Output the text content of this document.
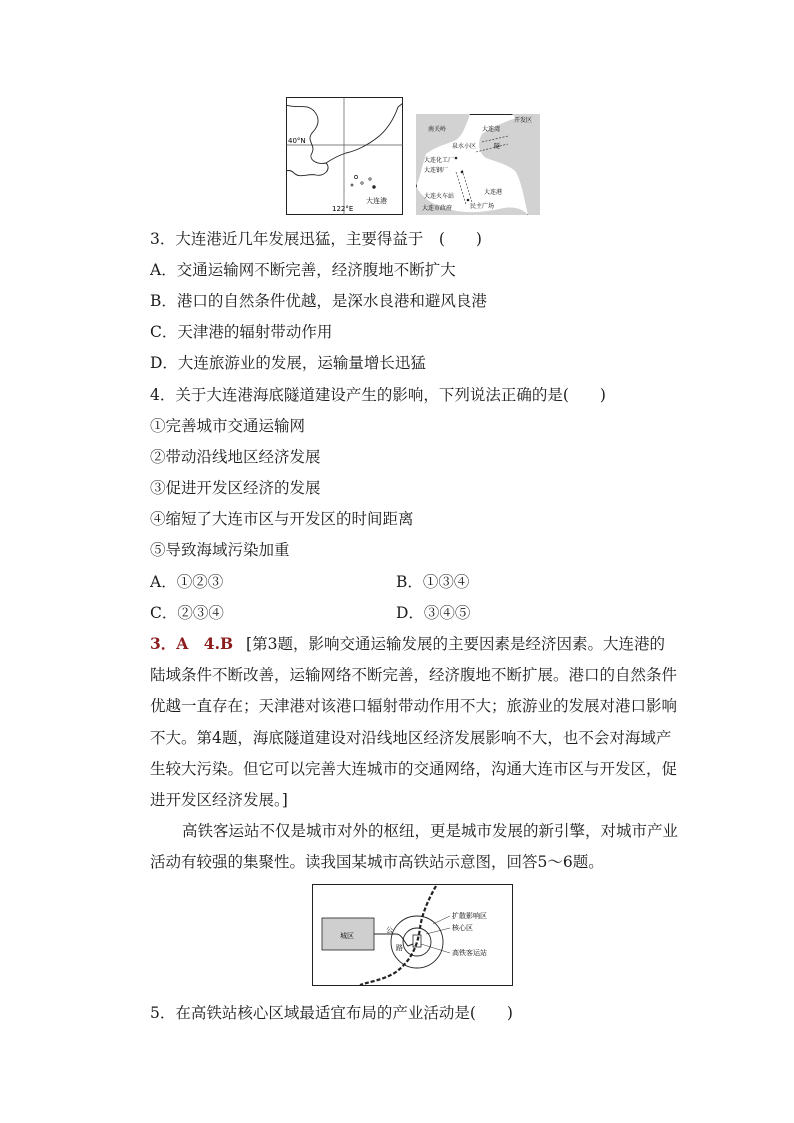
40°N
122°E
大连港
开发区
南关岭	大连湾
泉水小区	隧
大连化工厂
大连钢厂
大连火车站
大连港
大连市政府	民主广场
3．大连港近几年发展迅猛，主要得益于　(　　)
A．交通运输网不断完善，经济腹地不断扩大
B．港口的自然条件优越，是深水良港和避风良港
C．天津港的辐射带动作用
D．大连旅游业的发展，运输量增长迅猛
4．关于大连港海底隧道建设产生的影响，下列说法正确的是(　　)
①完善城市交通运输网
②带动沿线地区经济发展
③促进开发区经济的发展
④缩短了大连市区与开发区的时间距离
⑤导致海域污染加重
A．①②③	B．①③④
C．②③④	D．③④⑤
3．A　4.B [第3题，影响交通运输发展的主要因素是经济因素。大连港的
陆域条件不断改善，运输网络不断完善，经济腹地不断扩展。港口的自然条件
优越一直存在；天津港对该港口辐射带动作用不大；旅游业的发展对港口影响
不大。第4题，海底隧道建设对沿线地区经济发展影响不大，也不会对海域产
生较大污染。但它可以完善大连城市的交通网络，沟通大连市区与开发区，促
进开发区经济发展。]
高铁客运站不仅是城市对外的枢纽，更是城市发展的新引擎，对城市产业
活动有较强的集聚性。读我国某城市高铁站示意图，回答5～6题。
城区
公
路
扩散影响区
核心区
高铁客运站
5．在高铁站核心区域最适宜布局的产业活动是(　　)
